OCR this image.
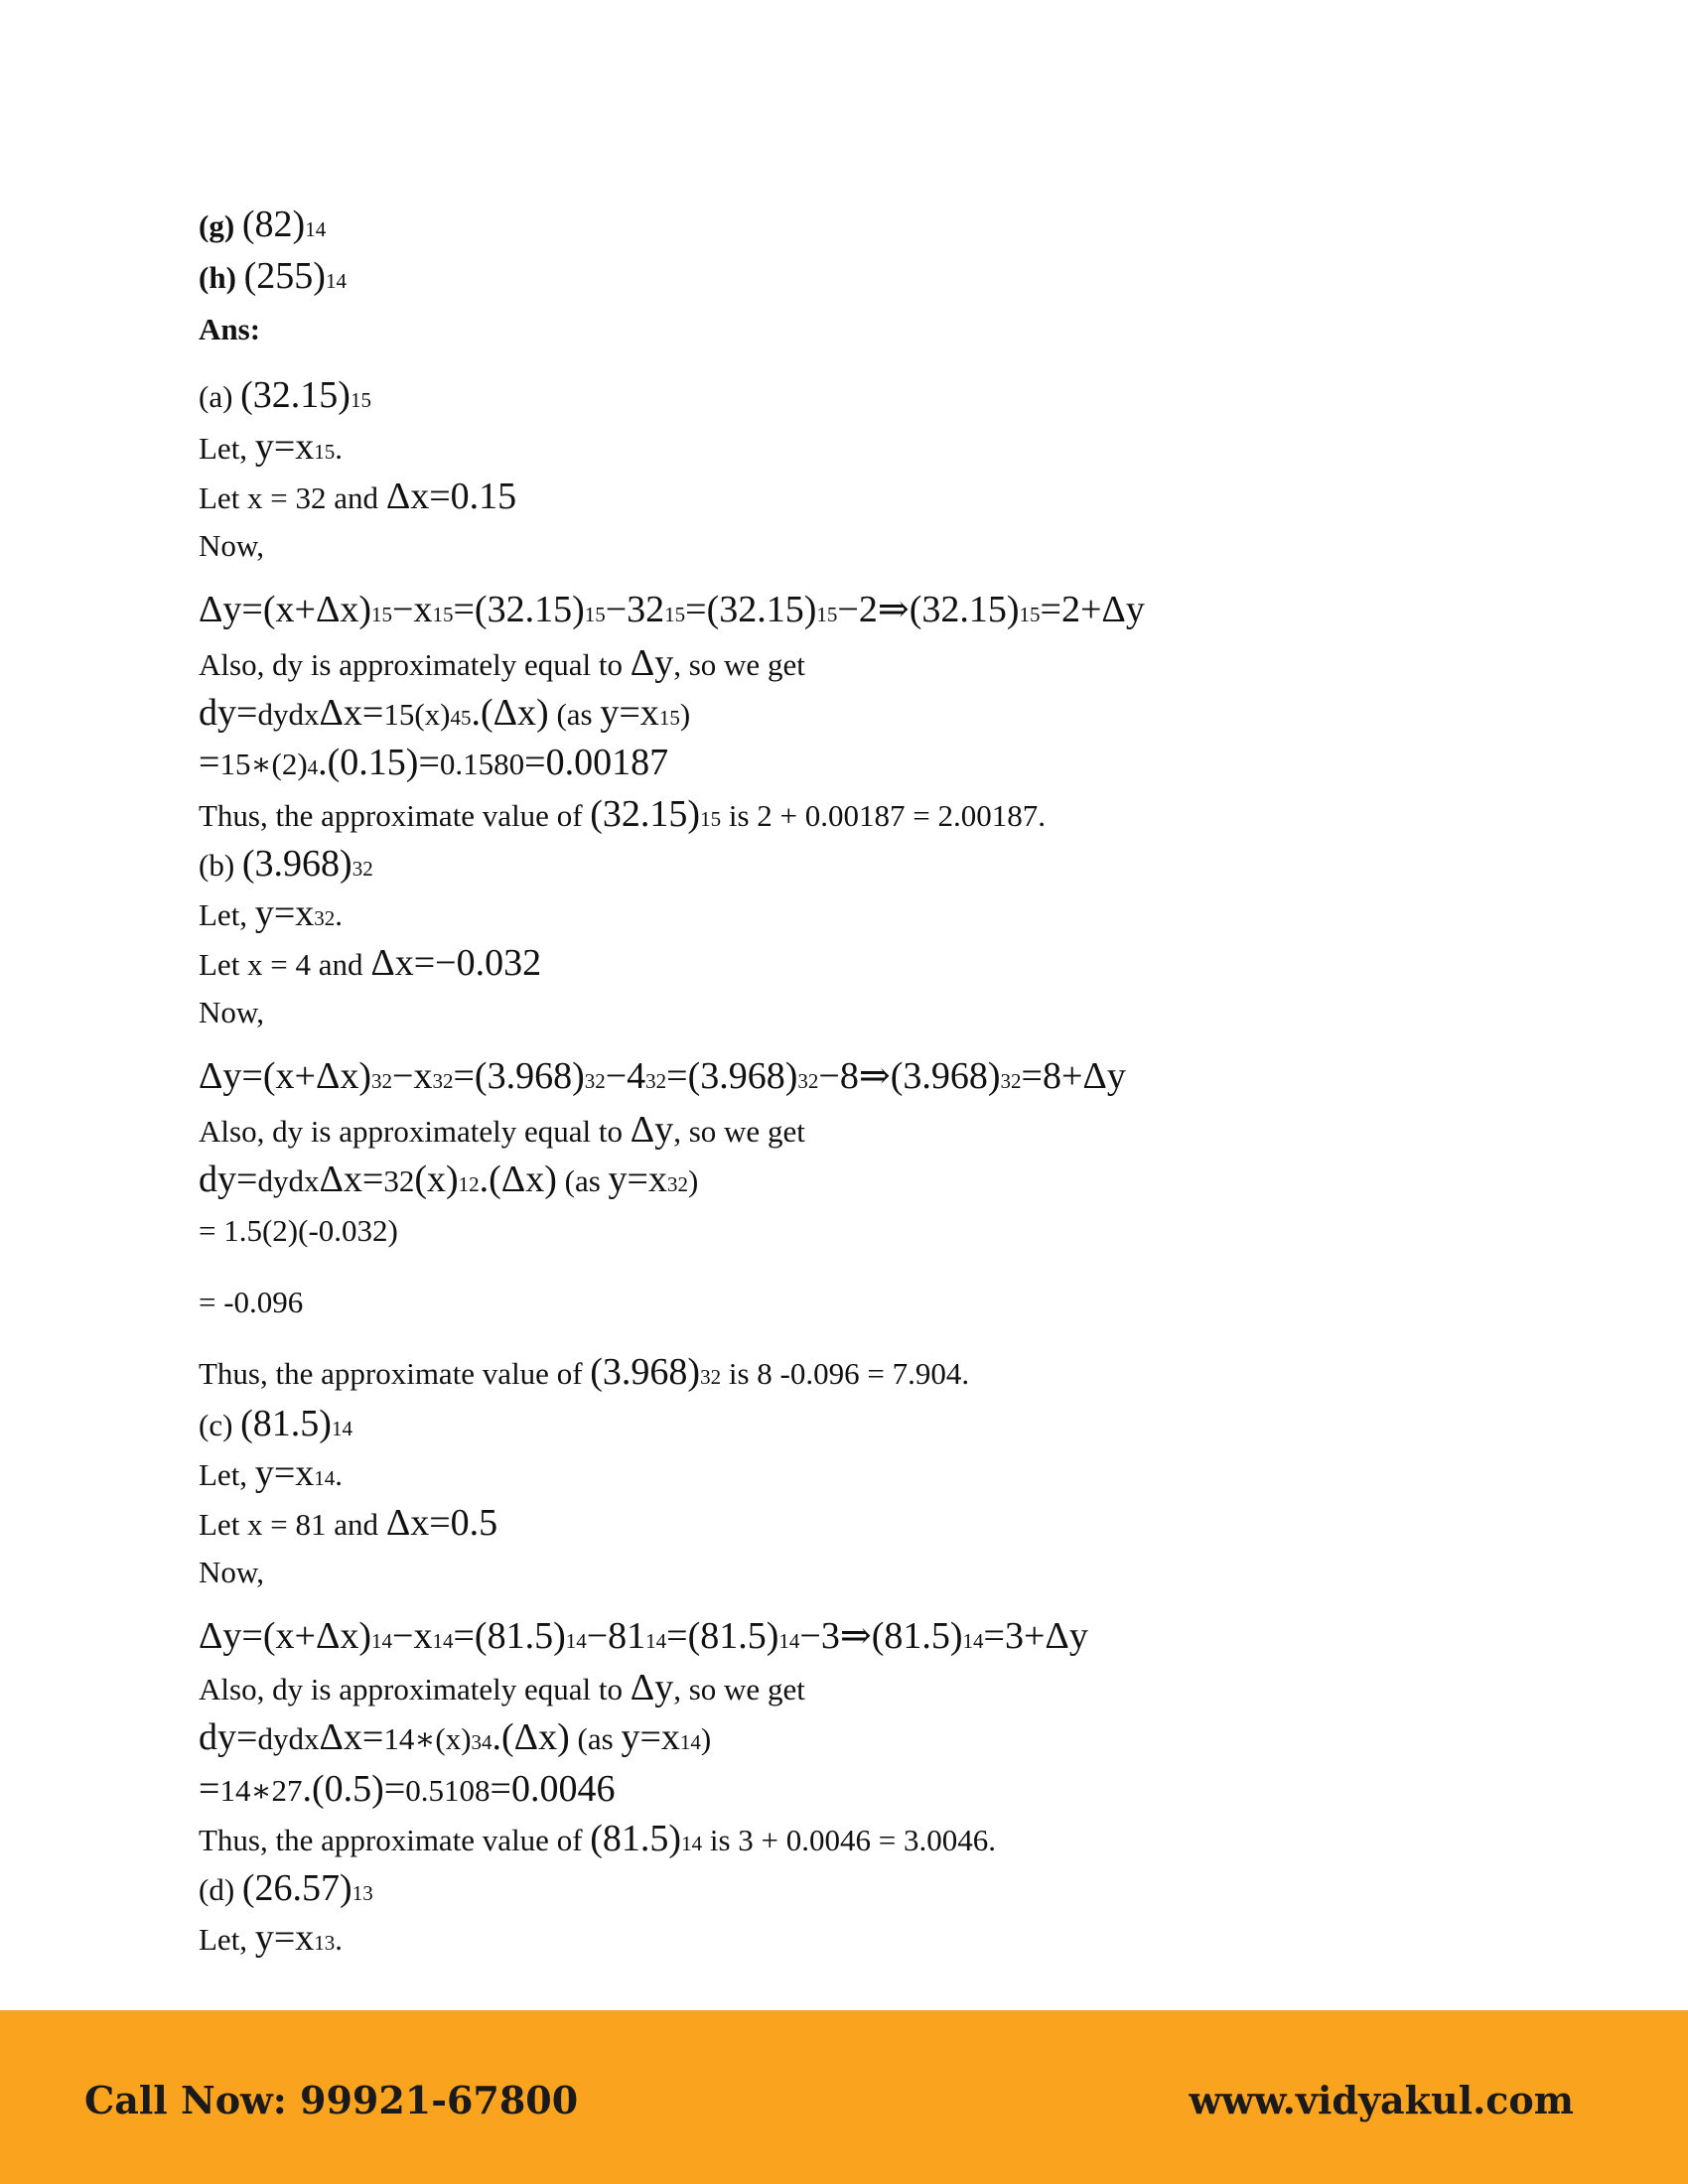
(g) (82)14
(h) (255)14
Ans:
(a) (32.15)15
Let, y=x15.
Let x = 32 and Δx=0.15
Now,
Δy=(x+Δx)15−x15=(32.15)15−3215=(32.15)15−2⇒(32.15)15=2+Δy
Also, dy is approximately equal to Δy, so we get
dy=dydxΔx=15(x)45.(Δx) (as y=x15)
=15∗(2)4.(0.15)=0.1580=0.00187
Thus, the approximate value of (32.15)15 is 2 + 0.00187 = 2.00187.
(b) (3.968)32
Let, y=x32.
Let x = 4 and Δx=−0.032
Now,
Δy=(x+Δx)32−x32=(3.968)32−432=(3.968)32−8⇒(3.968)32=8+Δy
Also, dy is approximately equal to Δy, so we get
dy=dydxΔx=32(x)12.(Δx) (as y=x32)
= 1.5(2)(-0.032)
= -0.096
Thus, the approximate value of (3.968)32 is 8 -0.096 = 7.904.
(c) (81.5)14
Let, y=x14.
Let x = 81 and Δx=0.5
Now,
Δy=(x+Δx)14−x14=(81.5)14−8114=(81.5)14−3⇒(81.5)14=3+Δy
Also, dy is approximately equal to Δy, so we get
dy=dydxΔx=14∗(x)34.(Δx) (as y=x14)
=14∗27.(0.5)=0.5108=0.0046
Thus, the approximate value of (81.5)14 is 3 + 0.0046 = 3.0046.
(d) (26.57)13
Let, y=x13.
Call Now: 99921-67800	www.vidyakul.com
